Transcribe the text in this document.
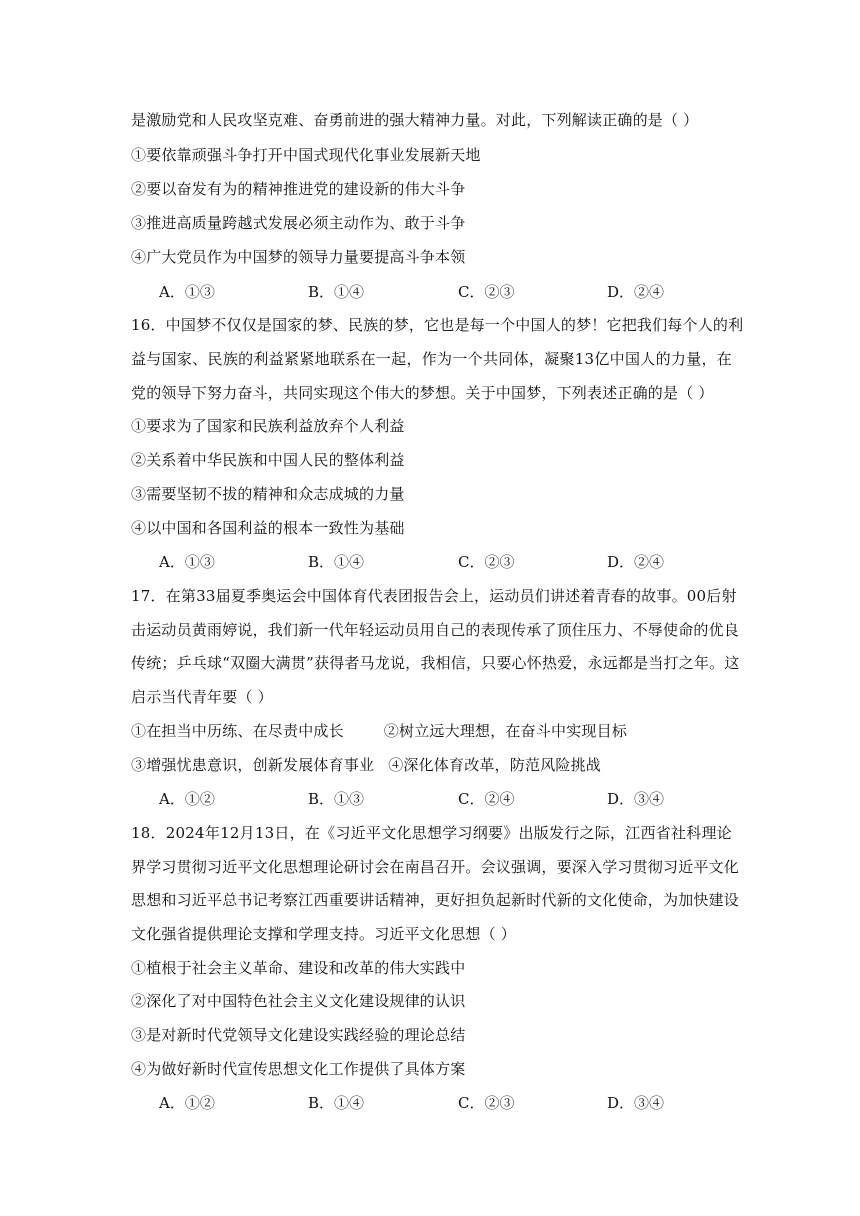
是激励党和人民攻坚克难、奋勇前进的强大精神力量。对此，下列解读正确的是（ ）
①要依靠顽强斗争打开中国式现代化事业发展新天地
②要以奋发有为的精神推进党的建设新的伟大斗争
③推进高质量跨越式发展必须主动作为、敢于斗争
④广大党员作为中国梦的领导力量要提高斗争本领
A．①③	B．①④	C．②③	D．②④
16．中国梦不仅仅是国家的梦、民族的梦，它也是每一个中国人的梦！它把我们每个人的利
益与国家、民族的利益紧紧地联系在一起，作为一个共同体，凝聚13亿中国人的力量，在
党的领导下努力奋斗，共同实现这个伟大的梦想。关于中国梦，下列表述正确的是（ ）
①要求为了国家和民族利益放弃个人利益
②关系着中华民族和中国人民的整体利益
③需要坚韧不拔的精神和众志成城的力量
④以中国和各国利益的根本一致性为基础
A．①③	B．①④	C．②③	D．②④
17．在第33届夏季奥运会中国体育代表团报告会上，运动员们讲述着青春的故事。00后射
击运动员黄雨婷说，我们新一代年轻运动员用自己的表现传承了顶住压力、不辱使命的优良
传统；乒乓球“双圈大满贯”获得者马龙说，我相信，只要心怀热爱，永远都是当打之年。这
启示当代青年要（ ）
①在担当中历练、在尽责中成长	②树立远大理想，在奋斗中实现目标
③增强忧患意识，创新发展体育事业 ④深化体育改革，防范风险挑战
A．①②	B．①③	C．②④	D．③④
18．2024年12月13日，在《习近平文化思想学习纲要》出版发行之际，江西省社科理论
界学习贯彻习近平文化思想理论研讨会在南昌召开。会议强调，要深入学习贯彻习近平文化
思想和习近平总书记考察江西重要讲话精神，更好担负起新时代新的文化使命，为加快建设
文化强省提供理论支撑和学理支持。习近平文化思想（ ）
①植根于社会主义革命、建设和改革的伟大实践中
②深化了对中国特色社会主义文化建设规律的认识
③是对新时代党领导文化建设实践经验的理论总结
④为做好新时代宣传思想文化工作提供了具体方案
A．①②	B．①④	C．②③	D．③④
